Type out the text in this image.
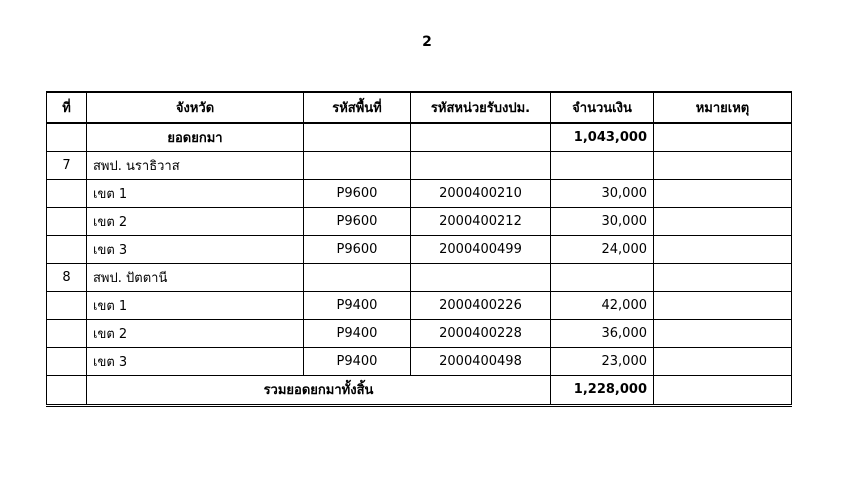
2
ที่	จังหวัด	รหัสพื้นที่	รหัสหน่วยรับงปม.	จำนวนเงิน	หมายเหตุ
	ยอดยกมา			1,043,000	
7	สพป. นราธิวาส				
	เขต 1	P9600	2000400210	30,000	
	เขต 2	P9600	2000400212	30,000	
	เขต 3	P9600	2000400499	24,000	
8	สพป. ปัตตานี				
	เขต 1	P9400	2000400226	42,000	
	เขต 2	P9400	2000400228	36,000	
	เขต 3	P9400	2000400498	23,000	
	รวมยอดยกมาทั้งสิ้น			1,228,000	
